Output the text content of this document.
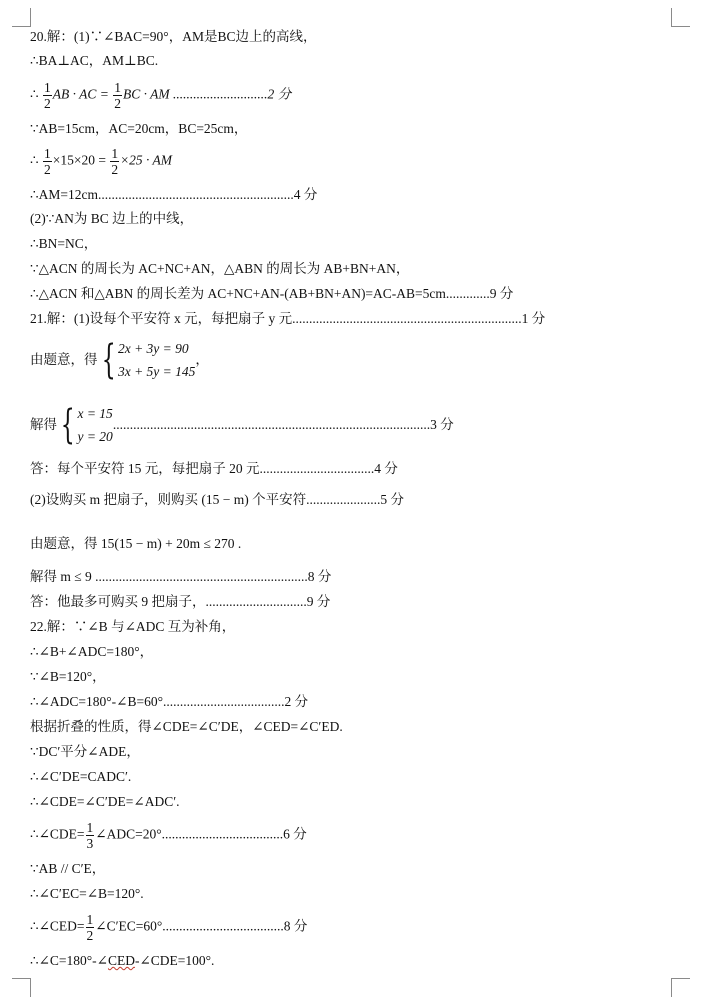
20.解：(1)∵∠BAC=90°，AM是BC边上的高线，
∴BA⊥AC，AM⊥BC.
∴ $\frac{1}{2}$ AB · AC = $\frac{1}{2}$ BC · AM ............................2 分
∵AB=15cm，AC=20cm，BC=25cm，
∴ $\frac{1}{2} \times 15\times 20 = \frac{1}{2} \times 25$ · AM
∴AM=12cm..........................................................4 分
(2)∵AN为 BC 边上的中线，
∴BN=NC，
∵△ACN 的周长为 AC+NC+AN，△ABN 的周长为 AB+BN+AN，
∴△ACN 和△ABN 的周长差为 AC+NC+AN-(AB+BN+AN)=AC-AB=5cm.............9 分
21.解：(1)设每个平安符 x 元，每把扇子 y 元....................................................................1 分
由题意，得{ 2x + 3y = 90
3x + 5y = 145
，
解得{ x = 15
y = 20
..............................................................................................3 分
答：每个平安符 15 元，每把扇子 20 元..................................4 分
(2)设购买 m 把扇子，则购买 (15 − m) 个平安符......................5 分
由题意，得 15(15 − m) + 20m ≤ 270 .
解得 m ≤ 9 ...............................................................8 分
答：他最多可购买 9 把扇子，..............................9 分
22.解：∵∠B 与∠ADC 互为补角，
∴∠B+∠ADC=180°，
∵∠B=120°，
∴∠ADC=180°-∠B=60°....................................2 分
根据折叠的性质，得∠CDE=∠C′DE，∠CED=∠C′ED.
∵DC′平分∠ADE，
∴∠C′DE=CADC′.
∴∠CDE=∠C′DE=∠ADC′.
∴∠CDE= $\frac{1}{3}$ ∠ADC=20°....................................6 分
∵AB // C′E，
∴∠C′EC=∠B=120°.
∴∠CED= $\frac{1}{2}$ ∠C′EC=60°....................................8 分
∴∠C=180°-∠CED-∠CDE=100°.
